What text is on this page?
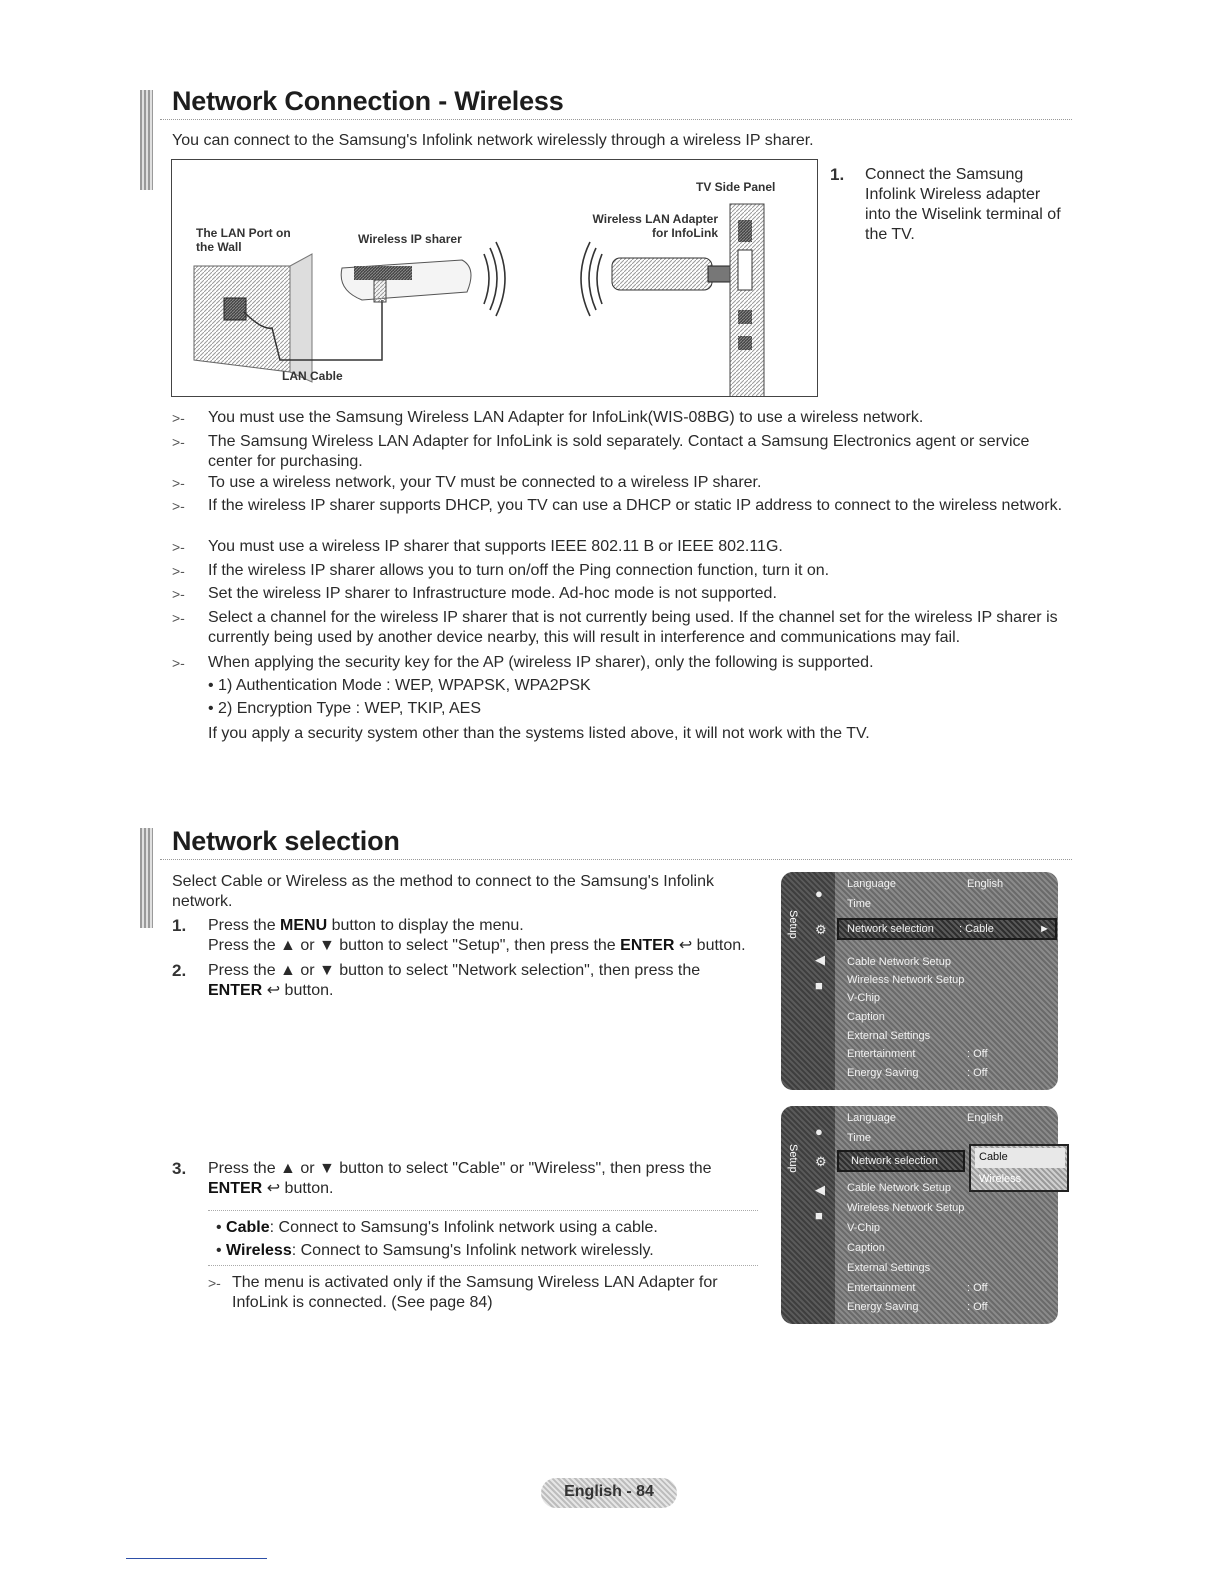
Network Connection - Wireless
You can connect to the Samsung's Infolink network wirelessly through a wireless IP sharer.
TV Side Panel
The LAN Port on
the Wall
Wireless IP sharer
Wireless LAN Adapter
for InfoLink
LAN Cable
1. Connect the Samsung Infolink Wireless adapter into the Wiselink terminal of the TV.
>- You must use the Samsung Wireless LAN Adapter for InfoLink(WIS-08BG) to use a wireless network.
>- The Samsung Wireless LAN Adapter for InfoLink is sold separately. Contact a Samsung Electronics agent or service center for purchasing.
>- To use a wireless network, your TV must be connected to a wireless IP sharer.
>- If the wireless IP sharer supports DHCP, you TV can use a DHCP or static IP address to connect to the wireless network.
>- You must use a wireless IP sharer that supports IEEE 802.11 B or IEEE 802.11G.
>- If the wireless IP sharer allows you to turn on/off the Ping connection function, turn it on.
>- Set the wireless IP sharer to Infrastructure mode. Ad-hoc mode is not supported.
>- Select a channel for the wireless IP sharer that is not currently being used. If the channel set for the wireless IP sharer is currently being used by another device nearby, this will result in interference and communications may fail.
>- When applying the security key for the AP (wireless IP sharer), only the following is supported.
• 1) Authentication Mode : WEP, WPAPSK, WPA2PSK
• 2) Encryption Type : WEP, TKIP, AES
If you apply a security system other than the systems listed above, it will not work with the TV.
Network selection
Select Cable or Wireless as the method to connect to the Samsung's Infolink network.
1. Press the MENU button to display the menu.
Press the ▲ or ▼ button to select "Setup", then press the ENTER ↩ button.
2. Press the ▲ or ▼ button to select "Network selection", then press the
ENTER ↩ button.
3. Press the ▲ or ▼ button to select "Cable" or "Wireless", then press the
ENTER ↩ button.
• Cable: Connect to Samsung's Infolink network using a cable.
• Wireless: Connect to Samsung's Infolink network wirelessly.
>- The menu is activated only if the Samsung Wireless LAN Adapter for InfoLink is connected. (See page 84)
Setup
●
⚙
◀
■
Language	English
Time
Network selection : Cable	►
Cable Network Setup
Wireless Network Setup
V-Chip
Caption
External Settings
Entertainment	: Off
Energy Saving	: Off
Setup
●
⚙
◀
■
Language	English
Time
Network selection	Cable
Wireless
Cable Network Setup
Wireless Network Setup
V-Chip
Caption
External Settings
Entertainment	: Off
Energy Saving	: Off
English - 84
